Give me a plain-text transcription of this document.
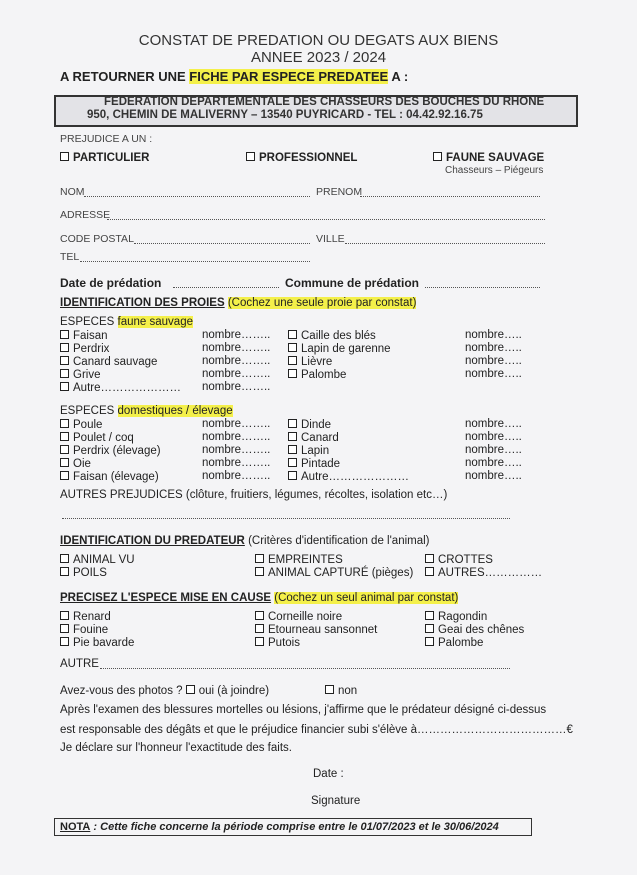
CONSTAT DE PREDATION OU DEGATS AUX BIENS
ANNEE 2023 / 2024
A RETOURNER UNE FICHE PAR ESPECE PREDATEE A :
FEDERATION DEPARTEMENTALE DES CHASSEURS DES BOUCHES DU RHONE
950, CHEMIN DE MALIVERNY – 13540 PUYRICARD - TEL : 04.42.92.16.75
PREJUDICE A UN :
PARTICULIER	PROFESSIONNEL	FAUNE SAUVAGE
Chasseurs – Piégeurs
NOM	PRENOM
ADRESSE
CODE POSTAL	VILLE
TEL
Date de prédation	Commune de prédation
IDENTIFICATION DES PROIES (Cochez une seule proie par constat)
ESPECES faune sauvage
Faisan	nombre……..	Caille des blés	nombre…..
Perdrix	nombre……..	Lapin de garenne	nombre…..
Canard sauvage	nombre……..	Lièvre	nombre…..
Grive	nombre……..	Palombe	nombre…..
Autre………………… nombre……..
ESPECES domestiques / élevage
Poule	nombre……..	Dinde	nombre…..
Poulet / coq	nombre……..	Canard	nombre…..
Perdrix (élevage)	nombre……..	Lapin	nombre…..
Oie	nombre……..	Pintade	nombre…..
Faisan (élevage)	nombre……..	Autre…………………	nombre…..
AUTRES PREJUDICES (clôture, fruitiers, légumes, récoltes, isolation etc…)
IDENTIFICATION DU PREDATEUR (Critères d'identification de l'animal)
ANIMAL VU	EMPREINTES	CROTTES
POILS	ANIMAL CAPTURÉ (pièges)	AUTRES……………
PRECISEZ L'ESPECE MISE EN CAUSE (Cochez un seul animal par constat)
Renard	Corneille noire	Ragondin
Fouine	Etourneau sansonnet	Geai des chênes
Pie bavarde	Putois	Palombe
AUTRE
Avez-vous des photos ? oui (à joindre)	non
Après l'examen des blessures mortelles ou lésions, j'affirme que le prédateur désigné ci-dessus
est responsable des dégâts et que le préjudice financier subi s'élève à…………………………………€
Je déclare sur l'honneur l'exactitude des faits.
Date :
Signature
NOTA : Cette fiche concerne la période comprise entre le 01/07/2023 et le 30/06/2024
